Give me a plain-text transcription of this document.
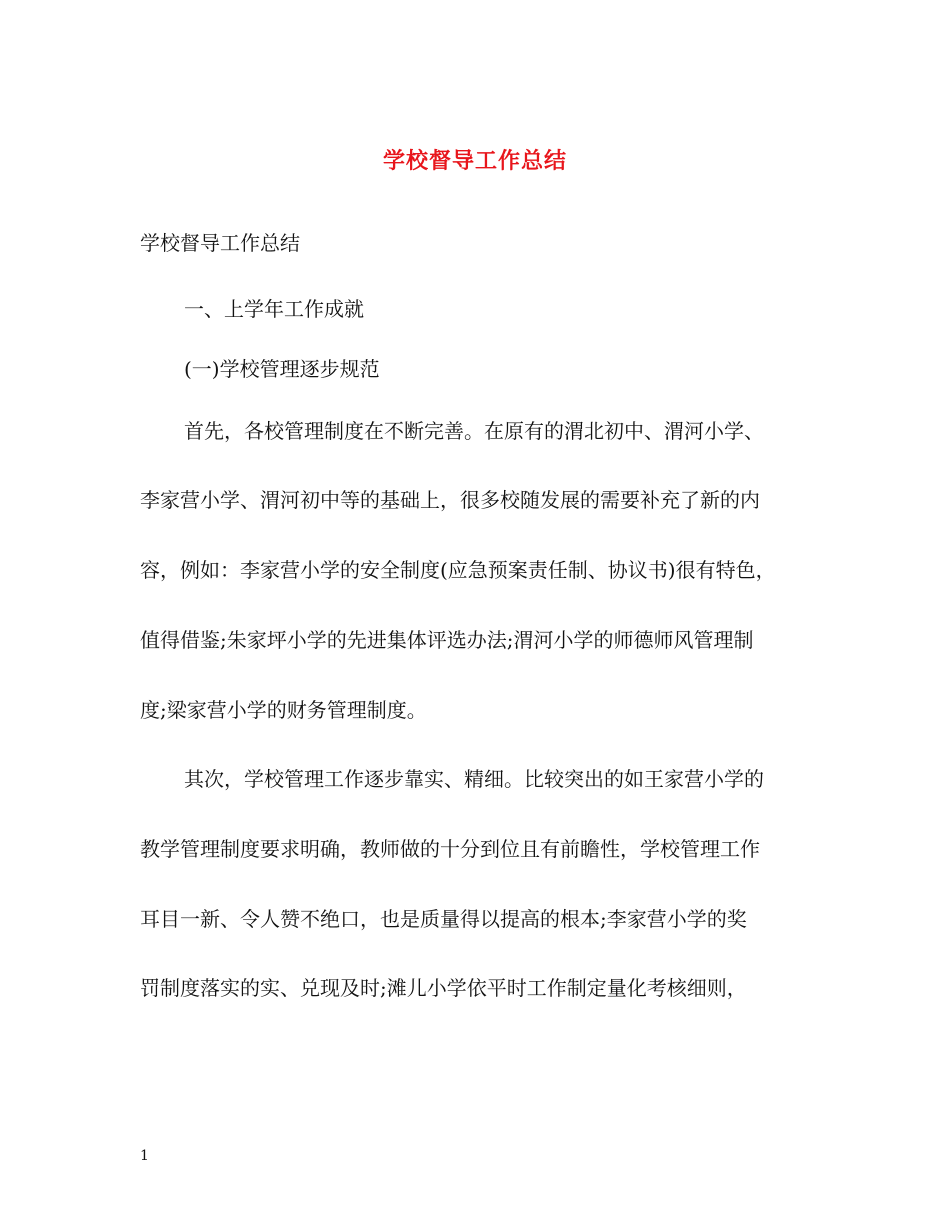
学校督导工作总结
学校督导工作总结
一、上学年工作成就
(一)学校管理逐步规范
首先，各校管理制度在不断完善。在原有的渭北初中、渭河小学、
李家营小学、渭河初中等的基础上，很多校随发展的需要补充了新的内
容，例如：李家营小学的安全制度(应急预案责任制、协议书)很有特色，
值得借鉴;朱家坪小学的先进集体评选办法;渭河小学的师德师风管理制
度;梁家营小学的财务管理制度。
其次，学校管理工作逐步靠实、精细。比较突出的如王家营小学的
教学管理制度要求明确，教师做的十分到位且有前瞻性，学校管理工作
耳目一新、令人赞不绝口，也是质量得以提高的根本;李家营小学的奖
罚制度落实的实、兑现及时;滩儿小学依平时工作制定量化考核细则，
1
